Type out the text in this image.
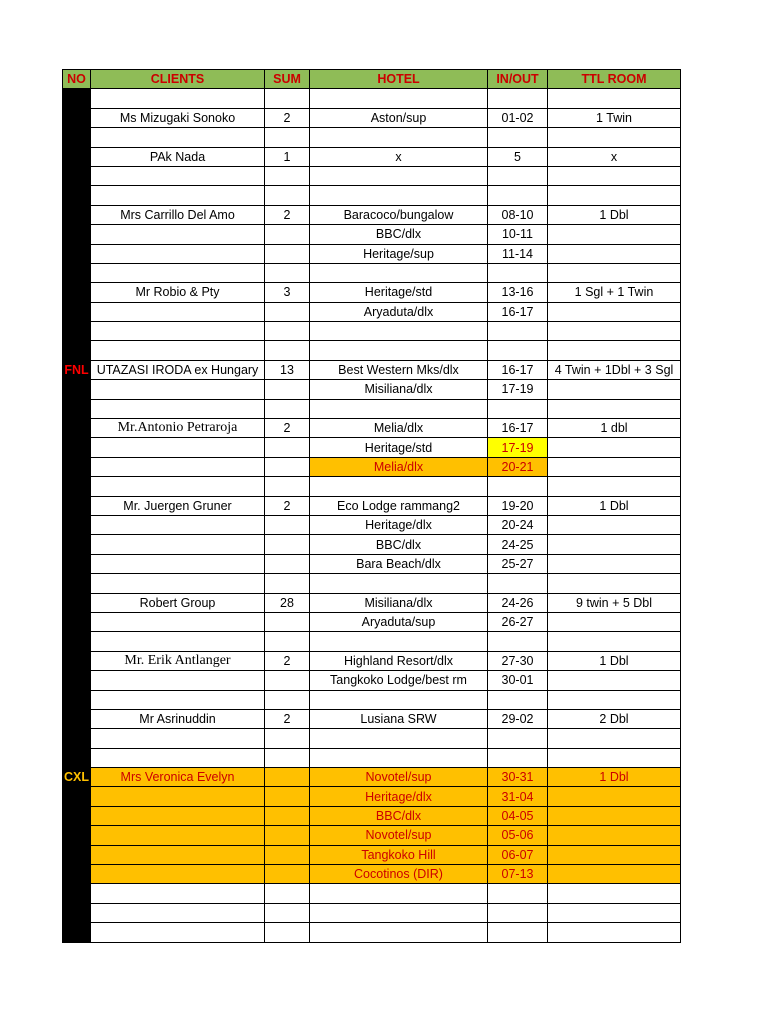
NO	CLIENTS	SUM	HOTEL	IN/OUT	TTL ROOM

	Ms Mizugaki Sonoko	2	Aston/sup	01-02	1 Twin

	PAk Nada	1	x	5	x

	Mrs Carrillo Del Amo	2	Baracoco/bungalow	08-10	1 Dbl
			BBC/dlx	10-11	
			Heritage/sup	11-14	

	Mr Robio & Pty	3	Heritage/std	13-16	1 Sgl + 1 Twin
			Aryaduta/dlx	16-17	

FNL	UTAZASI IRODA ex Hungary	13	Best Western Mks/dlx	16-17	4 Twin + 1Dbl + 3 Sgl
			Misiliana/dlx	17-19	

	Mr.Antonio Petraroja	2	Melia/dlx	16-17	1 dbl
			Heritage/std	17-19	
			Melia/dlx	20-21	

	Mr. Juergen Gruner	2	Eco Lodge rammang2	19-20	1 Dbl
			Heritage/dlx	20-24	
			BBC/dlx	24-25	
			Bara Beach/dlx	25-27	

	Robert Group	28	Misiliana/dlx	24-26	9 twin + 5 Dbl
			Aryaduta/sup	26-27	

	Mr. Erik Antlanger	2	Highland Resort/dlx	27-30	1 Dbl
			Tangkoko Lodge/best rm	30-01	

	Mr Asrinuddin	2	Lusiana SRW	29-02	2 Dbl

CXL	Mrs Veronica Evelyn		Novotel/sup	30-31	1 Dbl
			Heritage/dlx	31-04	
			BBC/dlx	04-05	
			Novotel/sup	05-06	
			Tangkoko Hill	06-07	
			Cocotinos (DIR)	07-13	
